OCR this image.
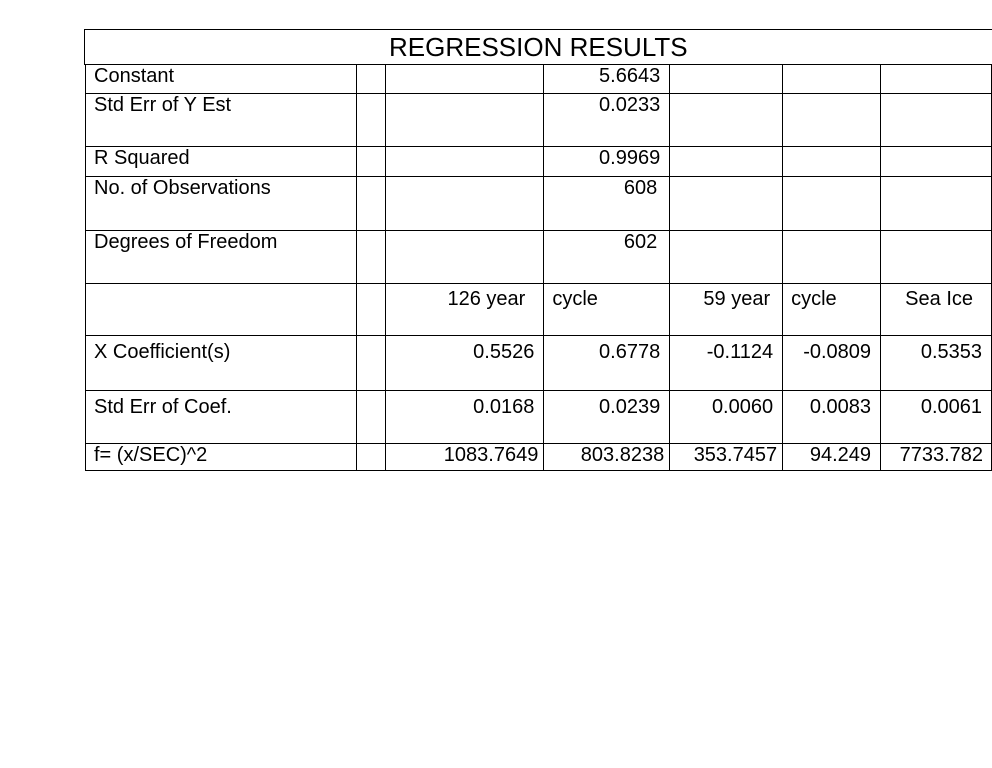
REGRESSION RESULTS
Constant			5.6643			
Std Err of Y Est			0.0233			
R Squared			0.9969			
No. of Observations			608			
Degrees of Freedom			602			
		126 year	cycle	59 year	cycle	Sea Ice
X Coefficient(s)		0.5526	0.6778	-0.1124	-0.0809	0.5353
Std Err of Coef.		0.0168	0.0239	0.0060	0.0083	0.0061
f= (x/SEC)^2		1083.7649	803.8238	353.7457	94.249	7733.782
